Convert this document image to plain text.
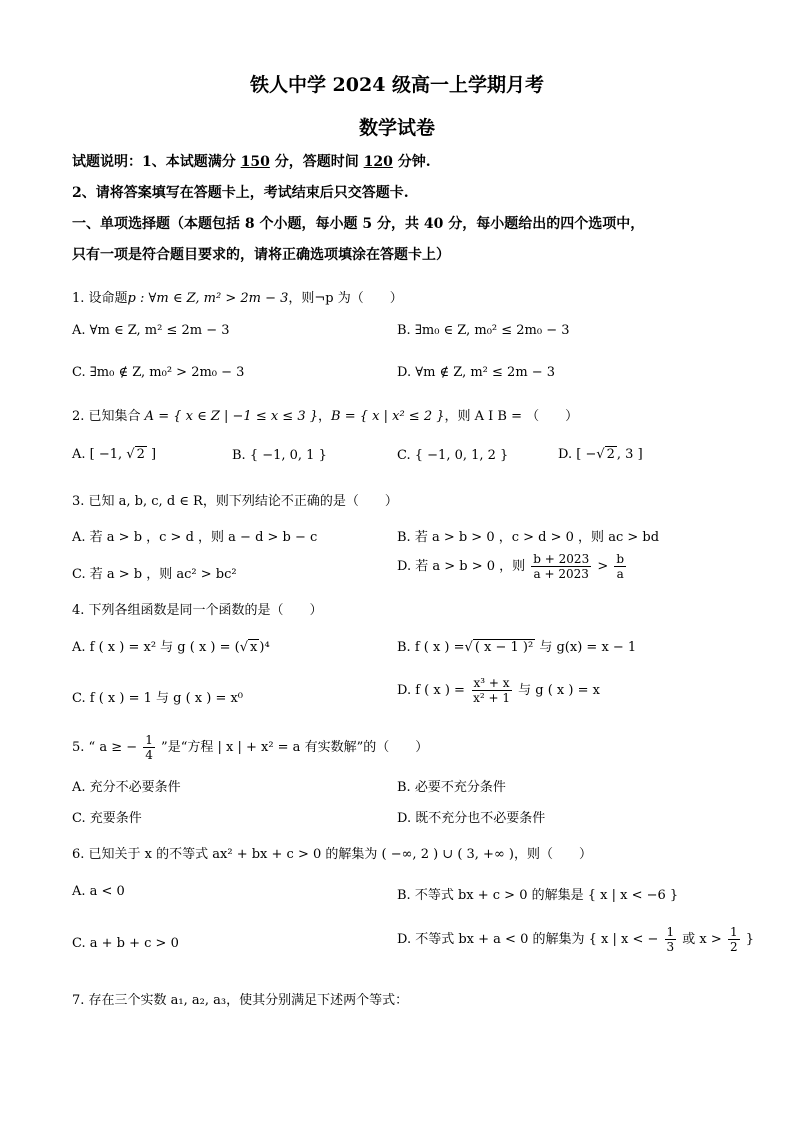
铁人中学 2024 级高一上学期月考
数学试卷
试题说明：1、本试题满分 150 分，答题时间 120 分钟.
2、请将答案填写在答题卡上，考试结束后只交答题卡.
一、单项选择题（本题包括 8 个小题，每小题 5 分，共 40 分，每小题给出的四个选项中，
只有一项是符合题目要求的，请将正确选项填涂在答题卡上）
1. 设命题p : ∀m ∈ Z, m² > 2m − 3，则¬p 为（　　）
A. ∀m ∈ Z, m² ≤ 2m − 3	B. ∃m₀ ∈ Z, m₀² ≤ 2m₀ − 3
C. ∃m₀ ∉ Z, m₀² > 2m₀ − 3	D. ∀m ∉ Z, m² ≤ 2m − 3
2. 已知集合 A = { x ∈ Z | −1 ≤ x ≤ 3 }，B = { x | x² ≤ 2 }，则 A I B = （　　）
A. [ −1, √ 2 ]	B. { −1, 0, 1 }	C. { −1, 0, 1, 2 }	D. [ −√ 2 , 3 ]
3. 已知 a, b, c, d ∈ R，则下列结论不正确的是（　　）
A. 若 a > b ，c > d ，则 a − d > b − c	B. 若 a > b > 0 ，c > d > 0 ，则 ac > bd
C. 若 a > b ，则 ac² > bc²
D. 若 a > b > 0 ，则 $\frac{b + 2023}{a + 2023} > \frac{b}{a}$
4. 下列各组函数是同一个函数的是（　　）
A. f ( x ) = x² 与 g ( x ) = (√ x )⁴	B. f ( x ) =√ ( x − 1 )² 与 g(x) = x − 1
C. f ( x ) = 1 与 g ( x ) = x⁰
D. f ( x ) = $\frac{\text{x³ + x}}{\text{x² + 1}}$ 与 g ( x ) = x
5. “ a ≥ − $\frac{1}{4}$ ”是“方程 | x | + x² = a 有实数解”的（　　）
A. 充分不必要条件	B. 必要不充分条件
C. 充要条件	D. 既不充分也不必要条件
6. 已知关于 x 的不等式 ax² + bx + c > 0 的解集为 ( −∞, 2 ) ∪ ( 3, +∞ )，则（　　）
A. a < 0	B. 不等式 bx + c > 0 的解集是 { x | x < −6 }
C. a + b + c > 0	D. 不等式 bx + a < 0 的解集为 { x | x < − $\frac{1}{3}$ 或 $x > \frac{1}{2}$ }
7. 存在三个实数 a₁, a₂, a₃，使其分别满足下述两个等式：
